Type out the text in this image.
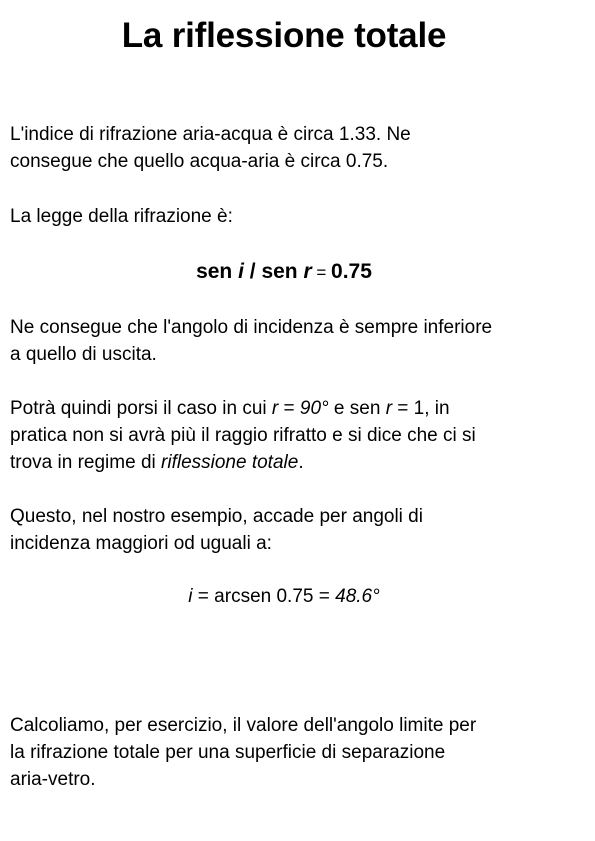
La riflessione totale

L'indice di rifrazione aria-acqua è circa 1.33. Ne
consegue che quello acqua-aria è circa 0.75.

La legge della rifrazione è:

sen i / sen r = 0.75

Ne consegue che l'angolo di incidenza è sempre inferiore
a quello di uscita.

Potrà quindi porsi il caso in cui r = 90° e sen r = 1, in
pratica non si avrà più il raggio rifratto e si dice che ci si
trova in regime di riflessione totale.

Questo, nel nostro esempio, accade per angoli di
incidenza maggiori od uguali a:

i = arcsen 0.75 = 48.6°

Calcoliamo, per esercizio, il valore dell'angolo limite per
la rifrazione totale per una superficie di separazione
aria-vetro.
